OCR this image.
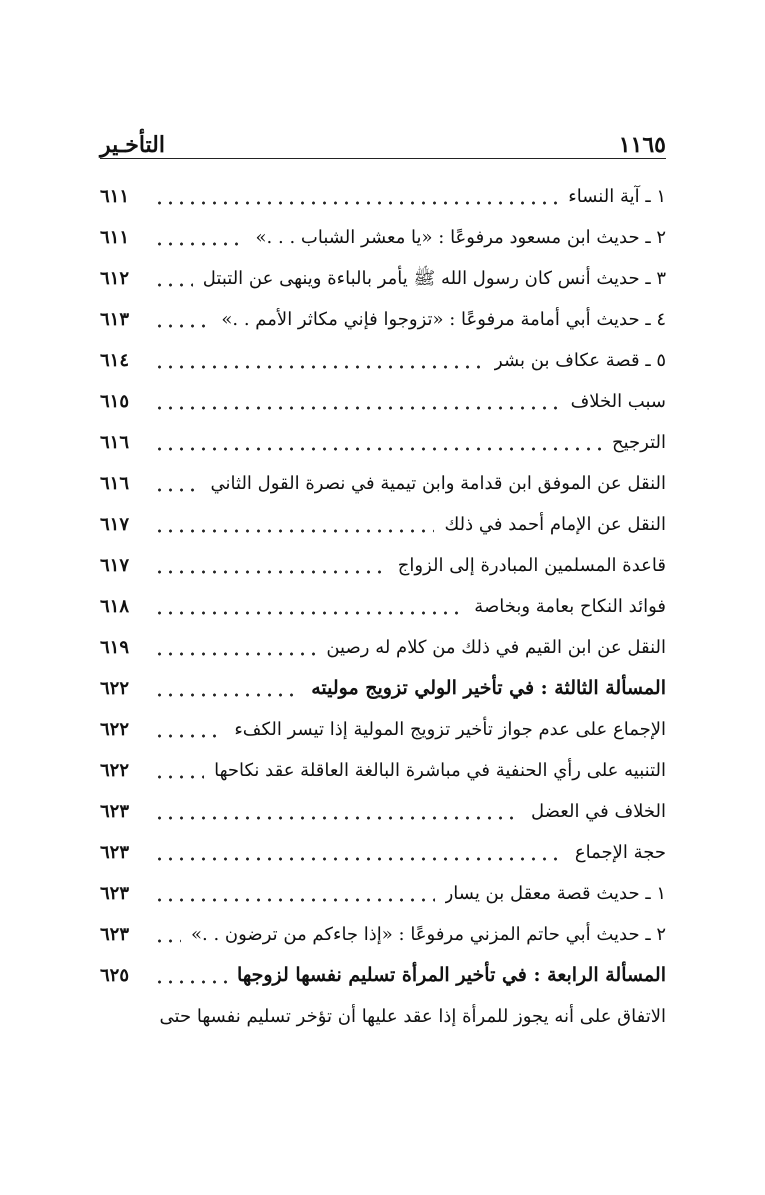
١١٦٥
التأخـير
١ ـ آية النساء
٦١١
٢ ـ حديث ابن مسعود مرفوعًا : «يا معشر الشباب . . .»
٦١١
٣ ـ حديث أنس كان رسول الله ﷺ يأمر بالباءة وينهى عن التبتل
٦١٢
٤ ـ حديث أبي أمامة مرفوعًا : «تزوجوا فإني مكاثر الأمم . .»
٦١٣
٥ ـ قصة عكاف بن بشر
٦١٤
سبب الخلاف
٦١٥
الترجيح
٦١٦
النقل عن الموفق ابن قدامة وابن تيمية في نصرة القول الثاني
٦١٦
النقل عن الإمام أحمد في ذلك
٦١٧
قاعدة المسلمين المبادرة إلى الزواج
٦١٧
فوائد النكاح بعامة وبخاصة
٦١٨
النقل عن ابن القيم في ذلك من كلام له رصين
٦١٩
المسألة الثالثة : في تأخير الولي تزويج موليته
٦٢٢
الإجماع على عدم جواز تأخير تزويج المولية إذا تيسر الكفء
٦٢٢
التنبيه على رأي الحنفية في مباشرة البالغة العاقلة عقد نكاحها
٦٢٢
الخلاف في العضل
٦٢٣
حجة الإجماع
٦٢٣
١ ـ حديث قصة معقل بن يسار
٦٢٣
٢ ـ حديث أبي حاتم المزني مرفوعًا : «إذا جاءكم من ترضون . .»
٦٢٣
المسألة الرابعة : في تأخير المرأة تسليم نفسها لزوجها
٦٢٥
الاتفاق على أنه يجوز للمرأة إذا عقد عليها أن تؤخر تسليم نفسها حتى
